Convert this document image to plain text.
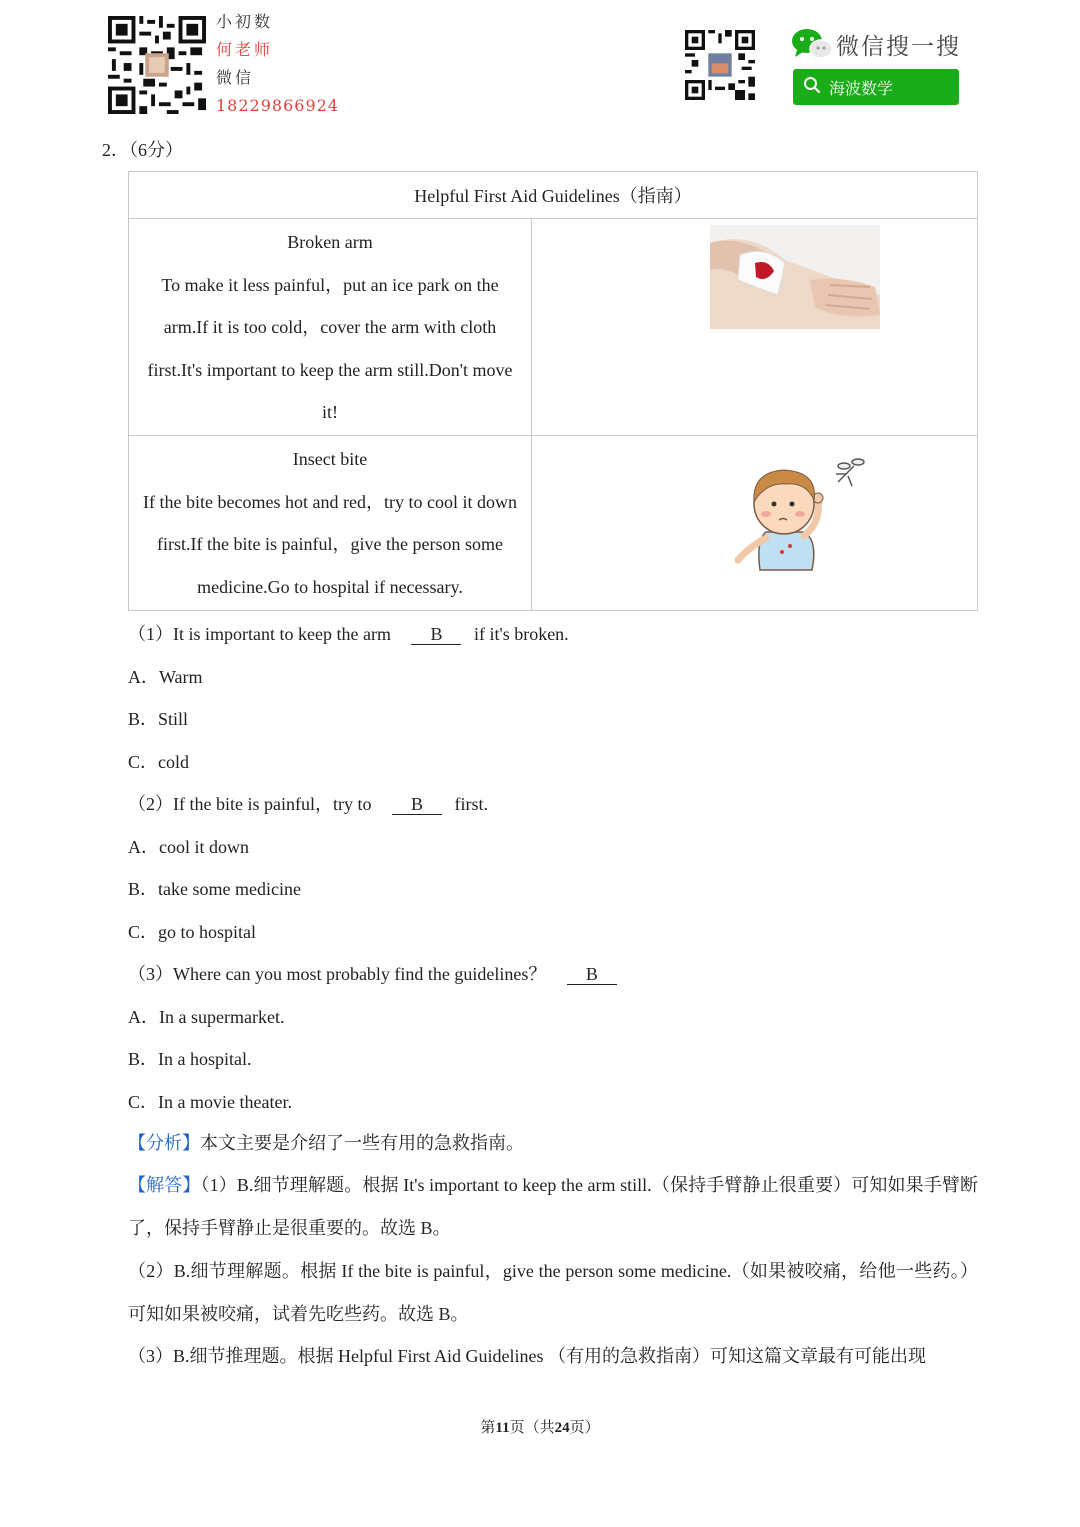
小初数
何老师
微信
18229866924
微信搜一搜
海波数学
2．（6分）
Helpful First Aid Guidelines（指南）	

Broken arm
To make it less painful，put an ice park on the
arm.If it is too cold，cover the arm with cloth
first.It's important to keep the arm still.Don't move
it!

Insect bite
If the bite becomes hot and red，try to cool it down
first.If the bite is painful，give the person some
medicine.Go to hospital if necessary.

（1）It is important to keep the arm B if it's broken.
A．Warm
B．Still
C．cold
（2）If the bite is painful，try to B first.
A．cool it down
B．take some medicine
C．go to hospital
（3）Where can you most probably find the guidelines？ B
A．In a supermarket.
B．In a hospital.
C．In a movie theater.
【分析】本文主要是介绍了一些有用的急救指南。
【解答】（1）B.细节理解题。根据 It's important to keep the arm still.（保持手臂静止很重要）可知如果手臂断了，保持手臂静止是很重要的。故选 B。
（2）B.细节理解题。根据 If the bite is painful，give the person some medicine.（如果被咬痛，给他一些药。）可知如果被咬痛，试着先吃些药。故选 B。
（3）B.细节推理题。根据 Helpful First Aid Guidelines （有用的急救指南）可知这篇文章最有可能出现
第11页（共24页）
